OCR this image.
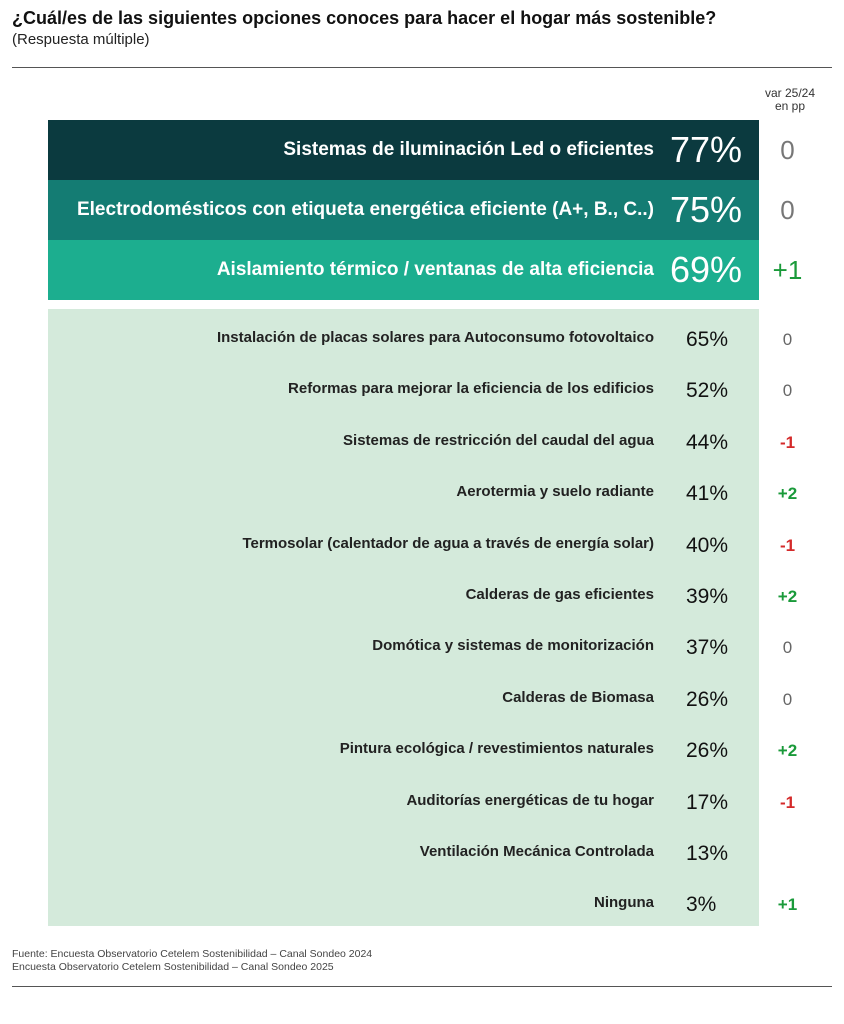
¿Cuál/es de las siguientes opciones conoces para hacer el hogar más sostenible?
(Respuesta múltiple)
var 25/24
en pp
Sistemas de iluminación Led o eficientes 77%	0
Electrodomésticos con etiqueta energética eficiente (A+, B., C..) 75%	0
Aislamiento térmico / ventanas de alta eficiencia 69%	+1
Instalación de placas solares para Autoconsumo fotovoltaico 65%	0
Reformas para mejorar la eficiencia de los edificios 52%	0
Sistemas de restricción del caudal del agua 44%	-1
Aerotermia y suelo radiante 41%	+2
Termosolar (calentador de agua a través de energía solar) 40%	-1
Calderas de gas eficientes 39%	+2
Domótica y sistemas de monitorización 37%	0
Calderas de Biomasa 26%	0
Pintura ecológica / revestimientos naturales 26%	+2
Auditorías energéticas de tu hogar 17%	-1
Ventilación Mecánica Controlada 13%
Ninguna 3%	+1
Fuente: Encuesta Observatorio Cetelem Sostenibilidad – Canal Sondeo 2024
Encuesta Observatorio Cetelem Sostenibilidad – Canal Sondeo 2025
